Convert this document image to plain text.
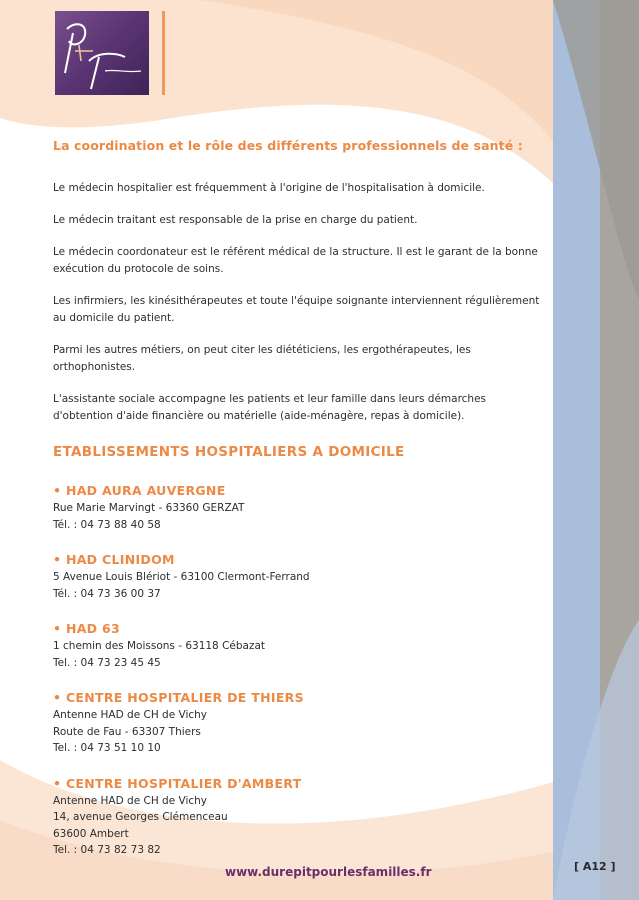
La coordination et le rôle des différents professionnels de santé :

Le médecin hospitalier est fréquemment à l'origine de l'hospitalisation à domicile.

Le médecin traitant est responsable de la prise en charge du patient.

Le médecin coordonateur est le référent médical de la structure. Il est le garant de la bonne exécution du protocole de soins.

Les infirmiers, les kinésithérapeutes et toute l'équipe soignante interviennent régulièrement au domicile du patient.

Parmi les autres métiers, on peut citer les diététiciens, les ergothérapeutes, les orthophonistes.

L'assistante sociale accompagne les patients et leur famille dans leurs démarches d'obtention d'aide financière ou matérielle (aide-ménagère, repas à domicile).

ETABLISSEMENTS HOSPITALIERS A DOMICILE
• HAD AURA AUVERGNE
Rue Marie Marvingt - 63360 GERZAT
Tél. : 04 73 88 40 58
• HAD CLINIDOM
5 Avenue Louis Blériot - 63100 Clermont-Ferrand
Tél. : 04 73 36 00 37
• HAD 63
1 chemin des Moissons - 63118 Cébazat
Tel. : 04 73 23 45 45
• CENTRE HOSPITALIER DE THIERS
Antenne HAD de CH de Vichy
Route de Fau - 63307 Thiers
Tel. : 04 73 51 10 10
• CENTRE HOSPITALIER D'AMBERT
Antenne HAD de CH de Vichy
14, avenue Georges Clémenceau
63600 Ambert
Tel. : 04 73 82 73 82
www.durepitpourlesfamilles.fr	[ A12 ]
